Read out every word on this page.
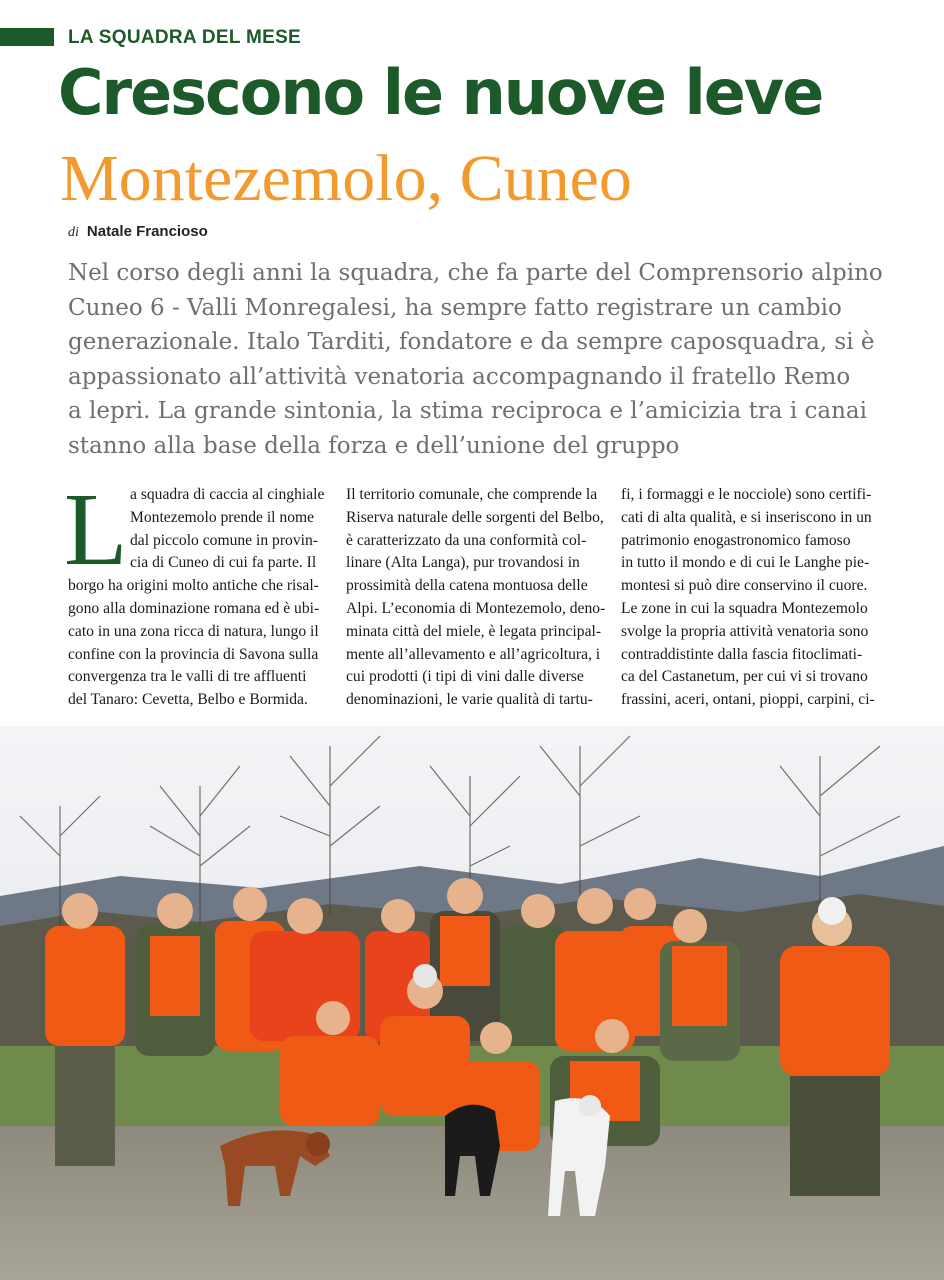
LA SQUADRA DEL MESE
Crescono le nuove leve
Montezemolo, Cuneo
di Natale Francioso

Nel corso degli anni la squadra, che fa parte del Comprensorio alpino

Cuneo 6 - Valli Monregalesi, ha sempre fatto registrare un cambio

generazionale. Italo Tarditi, fondatore e da sempre caposquadra, si è

appassionato all’attività venatoria accompagnando il fratello Remo

a lepri. La grande sintonia, la stima reciproca e l’amicizia tra i canai

stanno alla base della forza e dell’unione del gruppo

L a squadra di caccia al cinghiale

Montezemolo prende il nome

dal piccolo comune in provin-

cia di Cuneo di cui fa parte. Il

borgo ha origini molto antiche che risal-

gono alla dominazione romana ed è ubi-

cato in una zona ricca di natura, lungo il

confine con la provincia di Savona sulla

convergenza tra le valli di tre affluenti

del Tanaro: Cevetta, Belbo e Bormida.

Il territorio comunale, che comprende la

Riserva naturale delle sorgenti del Belbo,

è caratterizzato da una conformità col-

linare (Alta Langa), pur trovandosi in

prossimità della catena montuosa delle

Alpi. L’economia di Montezemolo, deno-

minata città del miele, è legata principal-

mente all’allevamento e all’agricoltura, i

cui prodotti (i tipi di vini dalle diverse

denominazioni, le varie qualità di tartu-

fi, i formaggi e le nocciole) sono certifi-

cati di alta qualità, e si inseriscono in un

patrimonio enogastronomico famoso

in tutto il mondo e di cui le Langhe pie-

montesi si può dire conservino il cuore.

Le zone in cui la squadra Montezemolo

svolge la propria attività venatoria sono

contraddistinte dalla fascia fitoclimati-

ca del Castanetum, per cui vi si trovano

frassini, aceri, ontani, pioppi, carpini, ci-
